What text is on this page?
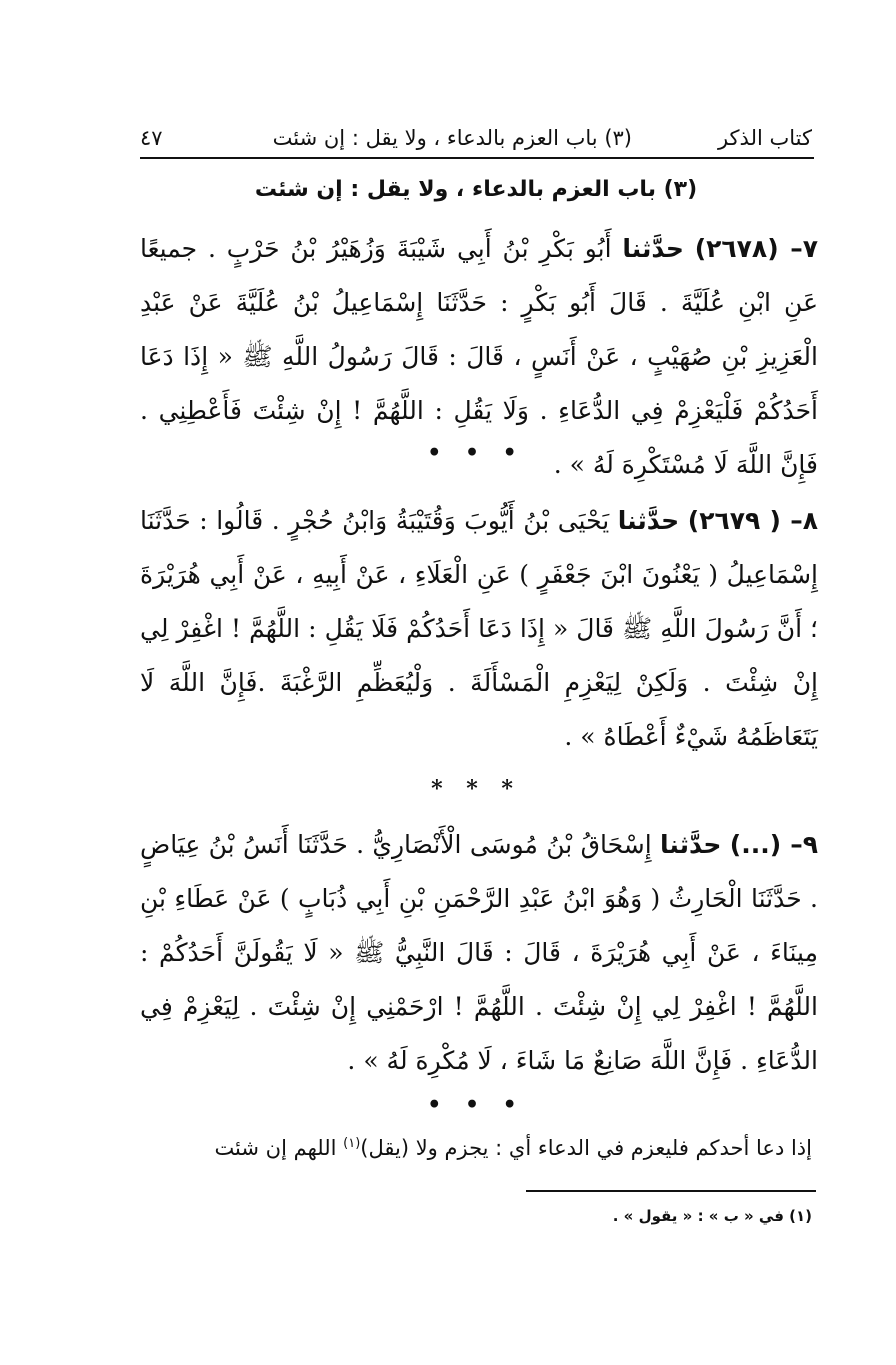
كتاب الذكر
(٣) باب العزم بالدعاء ، ولا يقل : إن شئت
٤٧
(٣) باب العزم بالدعاء ، ولا يقل : إن شئت
٧– (٢٦٧٨) حدَّثنا أَبُو بَكْرِ بْنُ أَبِي شَيْبَةَ وَزُهَيْرُ بْنُ حَرْبٍ . جميعًا عَنِ ابْنِ عُلَيَّةَ . قَالَ أَبُو بَكْرٍ : حَدَّثَنَا إِسْمَاعِيلُ بْنُ عُلَيَّةَ عَنْ عَبْدِ الْعَزِيزِ بْنِ صُهَيْبٍ ، عَنْ أَنَسٍ ، قَالَ : قَالَ رَسُولُ اللَّهِ ﷺ « إِذَا دَعَا أَحَدُكُمْ فَلْيَعْزِمْ فِي الدُّعَاءِ . وَلَا يَقُلِ : اللَّهُمَّ ! إِنْ شِئْتَ فَأَعْطِنِي . فَإِنَّ اللَّهَ لَا مُسْتَكْرِهَ لَهُ » .
• • •
٨– ( ٢٦٧٩) حدَّثنا يَحْيَى بْنُ أَيُّوبَ وَقُتَيْبَةُ وَابْنُ حُجْرٍ . قَالُوا : حَدَّثَنَا إِسْمَاعِيلُ ( يَعْنُونَ ابْنَ جَعْفَرٍ ) عَنِ الْعَلَاءِ ، عَنْ أَبِيهِ ، عَنْ أَبِي هُرَيْرَةَ ؛ أَنَّ رَسُولَ اللَّهِ ﷺ قَالَ « إِذَا دَعَا أَحَدُكُمْ فَلَا يَقُلِ : اللَّهُمَّ ! اغْفِرْ لِي إِنْ شِئْتَ . وَلَكِنْ لِيَعْزِمِ الْمَسْأَلَةَ . وَلْيُعَظِّمِ الرَّغْبَةَ .فَإِنَّ اللَّهَ لَا يَتَعَاظَمُهُ شَيْءٌ أَعْطَاهُ » .
* * *
٩– (...) حدَّثنا إِسْحَاقُ بْنُ مُوسَى الْأَنْصَارِيُّ . حَدَّثَنَا أَنَسُ بْنُ عِيَاضٍ . حَدَّثَنَا الْحَارِثُ ( وَهُوَ ابْنُ عَبْدِ الرَّحْمَنِ بْنِ أَبِي ذُبَابٍ ) عَنْ عَطَاءِ بْنِ مِينَاءَ ، عَنْ أَبِي هُرَيْرَةَ ، قَالَ : قَالَ النَّبِيُّ ﷺ « لَا يَقُولَنَّ أَحَدُكُمْ : اللَّهُمَّ ! اغْفِرْ لِي إِنْ شِئْتَ . اللَّهُمَّ ! ارْحَمْنِي إِنْ شِئْتَ . لِيَعْزِمْ فِي الدُّعَاءِ . فَإِنَّ اللَّهَ صَانِعٌ مَا شَاءَ ، لَا مُكْرِهَ لَهُ » .
• • •
إذا دعا أحدكم فليعزم في الدعاء أي : يجزم ولا (يقل)$^{(١)}$ اللهم إن شئت
(١) في « ب » : « يقول » .
